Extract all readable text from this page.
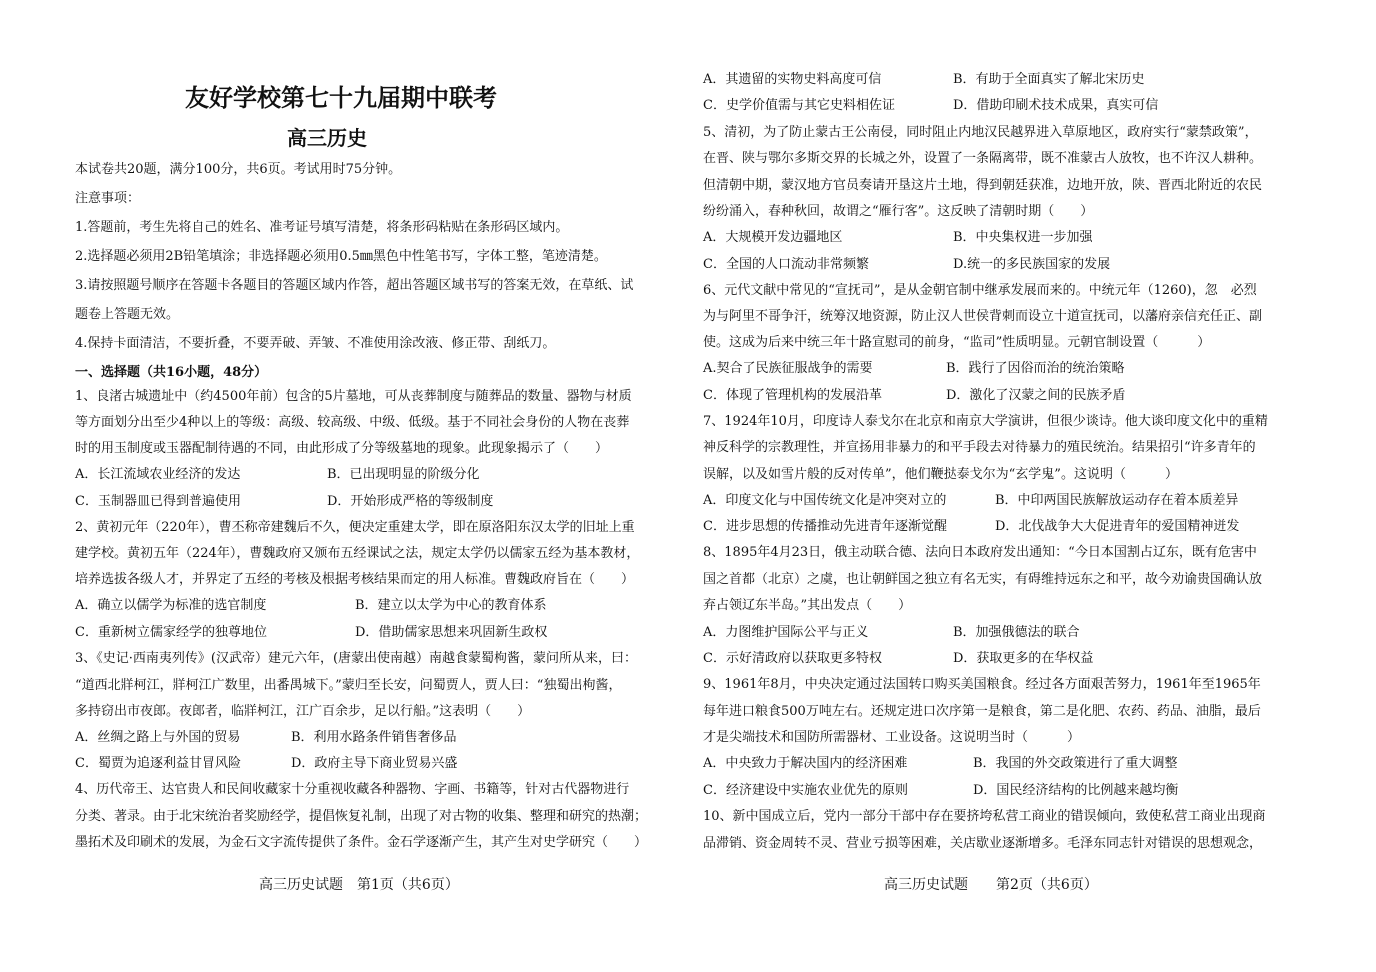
友好学校第七十九届期中联考
高三历史
本试卷共20题，满分100分，共6页。考试用时75分钟。
注意事项：
1.答题前，考生先将自己的姓名、准考证号填写清楚，将条形码粘贴在条形码区域内。
2.选择题必须用2B铅笔填涂；非选择题必须用0.5㎜黑色中性笔书写，字体工整，笔迹清楚。
3.请按照题号顺序在答题卡各题目的答题区域内作答，超出答题区域书写的答案无效，在草纸、试
题卷上答题无效。
4.保持卡面清洁，不要折叠，不要弄破、弄皱、不准使用涂改液、修正带、刮纸刀。
一、选择题（共16小题，48分）
1、良渚古城遗址中（约4500年前）包含的5片墓地，可从丧葬制度与随葬品的数量、器物与材质
等方面划分出至少4种以上的等级：高级、较高级、中级、低级。基于不同社会身份的人物在丧葬
时的用玉制度或玉器配制待遇的不同，由此形成了分等级墓地的现象。此现象揭示了（　　）
A．长江流域农业经济的发达	B．已出现明显的阶级分化
C．玉制器皿已得到普遍使用	D．开始形成严格的等级制度
2、黄初元年（220年），曹丕称帝建魏后不久，便决定重建太学，即在原洛阳东汉太学的旧址上重
建学校。黄初五年（224年），曹魏政府又颁布五经课试之法，规定太学仍以儒家五经为基本教材，
培养选拔各级人才，并界定了五经的考核及根据考核结果而定的用人标准。曹魏政府旨在（　　）
A．确立以儒学为标准的选官制度	B．建立以太学为中心的教育体系
C．重新树立儒家经学的独尊地位	D．借助儒家思想来巩固新生政权
3、《史记·西南夷列传》(汉武帝）建元六年，(唐蒙出使南越）南越食蒙蜀枸酱，蒙问所从来，曰：
“道西北牂柯江，牂柯江广数里，出番禺城下。”蒙归至长安，问蜀贾人，贾人曰：“独蜀出枸酱，
多持窃出市夜郎。夜郎者，临牂柯江，江广百余步，足以行船。”这表明（　　）
A．丝绸之路上与外国的贸易	B．利用水路条件销售奢侈品
C．蜀贾为追逐利益甘冒风险	D．政府主导下商业贸易兴盛
4、历代帝王、达官贵人和民间收藏家十分重视收藏各种器物、字画、书籍等，针对古代器物进行
分类、著录。由于北宋统治者奖励经学，提倡恢复礼制，出现了对古物的收集、整理和研究的热潮；
墨拓术及印刷术的发展，为金石文字流传提供了条件。金石学逐渐产生，其产生对史学研究（　　）
高三历史试题　第1页（共6页）
A．其遗留的实物史料高度可信	B．有助于全面真实了解北宋历史
C．史学价值需与其它史料相佐证	D．借助印刷术技术成果，真实可信
5、清初，为了防止蒙古王公南侵，同时阻止内地汉民越界进入草原地区，政府实行“蒙禁政策”，
在晋、陕与鄂尔多斯交界的长城之外，设置了一条隔离带，既不准蒙古人放牧，也不许汉人耕种。
但清朝中期，蒙汉地方官员奏请开垦这片土地，得到朝廷获准，边地开放，陕、晋西北附近的农民
纷纷涌入，春种秋回，故谓之“雁行客”。这反映了清朝时期（　　）
A．大规模开发边疆地区	B．中央集权进一步加强
C．全国的人口流动非常频繁	D.统一的多民族国家的发展
6、元代文献中常见的“宣抚司”，是从金朝官制中继承发展而来的。中统元年（1260)，忽　必烈
为与阿里不哥争汗，统筹汉地资源，防止汉人世侯背刺而设立十道宣抚司，以藩府亲信充任正、副
使。这成为后来中统三年十路宣慰司的前身，“监司”性质明显。元朝官制设置（　　　）
A.契合了民族征服战争的需要	B．践行了因俗而治的统治策略
C．体现了管理机构的发展沿革	D．激化了汉蒙之间的民族矛盾
7、1924年10月，印度诗人泰戈尔在北京和南京大学演讲，但很少谈诗。他大谈印度文化中的重精
神反科学的宗教理性，并宣扬用非暴力的和平手段去对待暴力的殖民统治。结果招引“许多青年的
误解，以及如雪片般的反对传单”，他们鞭挞泰戈尔为“玄学鬼”。这说明（　　　）
A．印度文化与中国传统文化是冲突对立的	B．中印两国民族解放运动存在着本质差异
C．进步思想的传播推动先进青年逐渐觉醒	D．北伐战争大大促进青年的爱国精神迸发
8、1895年4月23日，俄主动联合德、法向日本政府发出通知：“今日本国割占辽东，既有危害中
国之首都（北京）之虞，也让朝鲜国之独立有名无实，有碍维持远东之和平，故今劝谕贵国确认放
弃占领辽东半岛。”其出发点（　　）
A．力图维护国际公平与正义	B．加强俄德法的联合
C．示好清政府以获取更多特权	D．获取更多的在华权益
9、1961年8月，中央决定通过法国转口购买美国粮食。经过各方面艰苦努力，1961年至1965年
每年进口粮食500万吨左右。还规定进口次序第一是粮食，第二是化肥、农药、药品、油脂，最后
才是尖端技术和国防所需器材、工业设备。这说明当时（　　　）
A．中央致力于解决国内的经济困难	B．我国的外交政策进行了重大调整
C．经济建设中实施农业优先的原则	D．国民经济结构的比例越来越均衡
10、新中国成立后，党内一部分干部中存在要挤垮私营工商业的错误倾向，致使私营工商业出现商
品滞销、资金周转不灵、营业亏损等困难，关店歇业逐渐增多。毛泽东同志针对错误的思想观念，
高三历史试题　　第2页（共6页）
